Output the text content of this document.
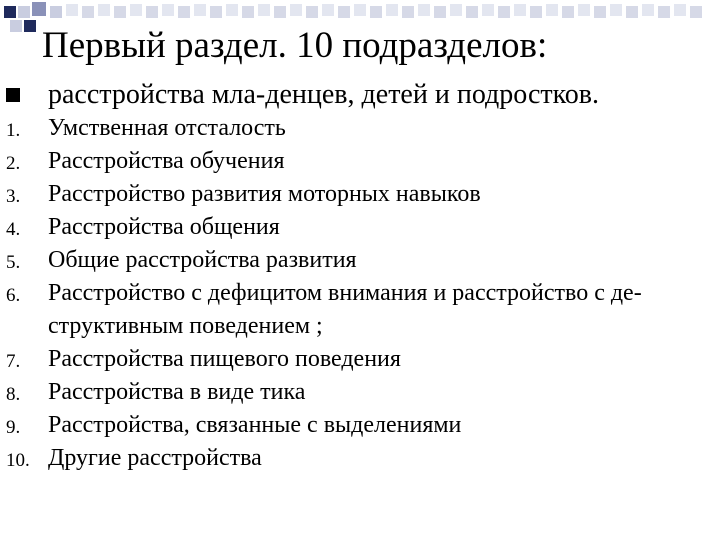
Первый раздел. 10 подразделов:
расстройства мла-денцев, детей и подростков.
1. Умственная отсталость
2. Расстройства обучения
3. Расстройство развития моторных навыков
4. Расстройства общения
5. Общие расстройства развития
6. Расстройство с дефицитом внимания и расстройство с де-структивным поведением ;
7. Расстройства пищевого поведения
8. Расстройства в виде тика
9. Расстройства, связанные с выделениями
10. Другие расстройства
